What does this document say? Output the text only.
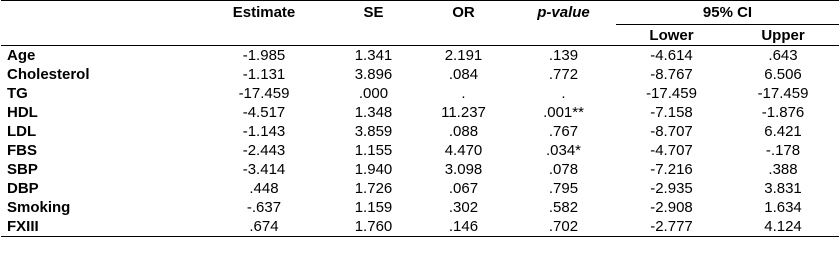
	Estimate	SE	OR	p-value	95% CI	
					Lower	Upper
Age	-1.985	1.341	2.191	.139	-4.614	.643
Cholesterol	-1.131	3.896	.084	.772	-8.767	6.506
TG	-17.459	.000	.	.	-17.459	-17.459
HDL	-4.517	1.348	11.237	.001**	-7.158	-1.876
LDL	-1.143	3.859	.088	.767	-8.707	6.421
FBS	-2.443	1.155	4.470	.034*	-4.707	-.178
SBP	-3.414	1.940	3.098	.078	-7.216	.388
DBP	.448	1.726	.067	.795	-2.935	3.831
Smoking	-.637	1.159	.302	.582	-2.908	1.634
FXIII	.674	1.760	.146	.702	-2.777	4.124
